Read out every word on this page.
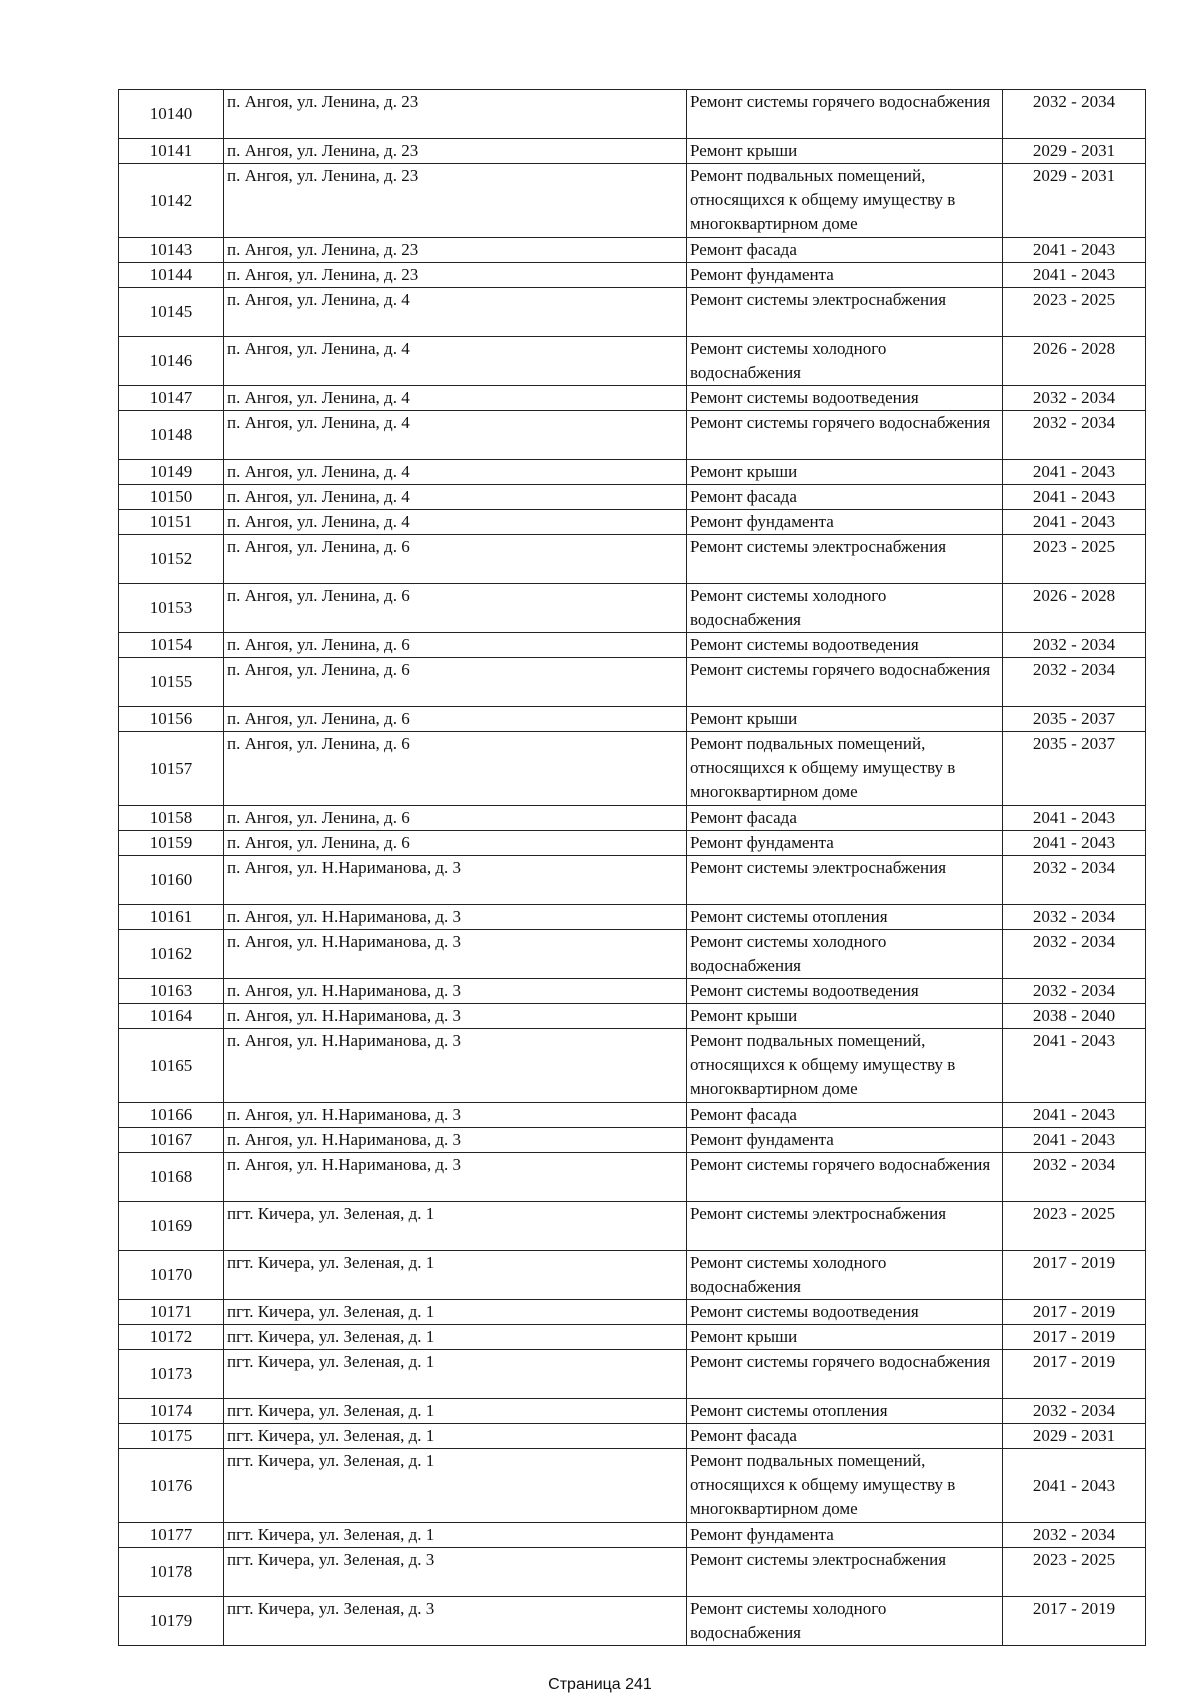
10140	п. Ангоя, ул. Ленина, д. 23	Ремонт системы горячего водоснабжения	2032 - 2034
10141	п. Ангоя, ул. Ленина, д. 23	Ремонт крыши	2029 - 2031
10142	п. Ангоя, ул. Ленина, д. 23	Ремонт подвальных помещений, относящихся к общему имуществу в многоквартирном доме	2029 - 2031
10143	п. Ангоя, ул. Ленина, д. 23	Ремонт фасада	2041 - 2043
10144	п. Ангоя, ул. Ленина, д. 23	Ремонт фундамента	2041 - 2043
10145	п. Ангоя, ул. Ленина, д. 4	Ремонт системы электроснабжения	2023 - 2025
10146	п. Ангоя, ул. Ленина, д. 4	Ремонт системы холодного водоснабжения	2026 - 2028
10147	п. Ангоя, ул. Ленина, д. 4	Ремонт системы водоотведения	2032 - 2034
10148	п. Ангоя, ул. Ленина, д. 4	Ремонт системы горячего водоснабжения	2032 - 2034
10149	п. Ангоя, ул. Ленина, д. 4	Ремонт крыши	2041 - 2043
10150	п. Ангоя, ул. Ленина, д. 4	Ремонт фасада	2041 - 2043
10151	п. Ангоя, ул. Ленина, д. 4	Ремонт фундамента	2041 - 2043
10152	п. Ангоя, ул. Ленина, д. 6	Ремонт системы электроснабжения	2023 - 2025
10153	п. Ангоя, ул. Ленина, д. 6	Ремонт системы холодного водоснабжения	2026 - 2028
10154	п. Ангоя, ул. Ленина, д. 6	Ремонт системы водоотведения	2032 - 2034
10155	п. Ангоя, ул. Ленина, д. 6	Ремонт системы горячего водоснабжения	2032 - 2034
10156	п. Ангоя, ул. Ленина, д. 6	Ремонт крыши	2035 - 2037
10157	п. Ангоя, ул. Ленина, д. 6	Ремонт подвальных помещений, относящихся к общему имуществу в многоквартирном доме	2035 - 2037
10158	п. Ангоя, ул. Ленина, д. 6	Ремонт фасада	2041 - 2043
10159	п. Ангоя, ул. Ленина, д. 6	Ремонт фундамента	2041 - 2043
10160	п. Ангоя, ул. Н.Нариманова, д. 3	Ремонт системы электроснабжения	2032 - 2034
10161	п. Ангоя, ул. Н.Нариманова, д. 3	Ремонт системы отопления	2032 - 2034
10162	п. Ангоя, ул. Н.Нариманова, д. 3	Ремонт системы холодного водоснабжения	2032 - 2034
10163	п. Ангоя, ул. Н.Нариманова, д. 3	Ремонт системы водоотведения	2032 - 2034
10164	п. Ангоя, ул. Н.Нариманова, д. 3	Ремонт крыши	2038 - 2040
10165	п. Ангоя, ул. Н.Нариманова, д. 3	Ремонт подвальных помещений, относящихся к общему имуществу в многоквартирном доме	2041 - 2043
10166	п. Ангоя, ул. Н.Нариманова, д. 3	Ремонт фасада	2041 - 2043
10167	п. Ангоя, ул. Н.Нариманова, д. 3	Ремонт фундамента	2041 - 2043
10168	п. Ангоя, ул. Н.Нариманова, д. 3	Ремонт системы горячего водоснабжения	2032 - 2034
10169	пгт. Кичера, ул. Зеленая, д. 1	Ремонт системы электроснабжения	2023 - 2025
10170	пгт. Кичера, ул. Зеленая, д. 1	Ремонт системы холодного водоснабжения	2017 - 2019
10171	пгт. Кичера, ул. Зеленая, д. 1	Ремонт системы водоотведения	2017 - 2019
10172	пгт. Кичера, ул. Зеленая, д. 1	Ремонт крыши	2017 - 2019
10173	пгт. Кичера, ул. Зеленая, д. 1	Ремонт системы горячего водоснабжения	2017 - 2019
10174	пгт. Кичера, ул. Зеленая, д. 1	Ремонт системы отопления	2032 - 2034
10175	пгт. Кичера, ул. Зеленая, д. 1	Ремонт фасада	2029 - 2031
10176	пгт. Кичера, ул. Зеленая, д. 1	Ремонт подвальных помещений, относящихся к общему имуществу в многоквартирном доме	2041 - 2043
10177	пгт. Кичера, ул. Зеленая, д. 1	Ремонт фундамента	2032 - 2034
10178	пгт. Кичера, ул. Зеленая, д. 3	Ремонт системы электроснабжения	2023 - 2025
10179	пгт. Кичера, ул. Зеленая, д. 3	Ремонт системы холодного водоснабжения	2017 - 2019
Страница 241
